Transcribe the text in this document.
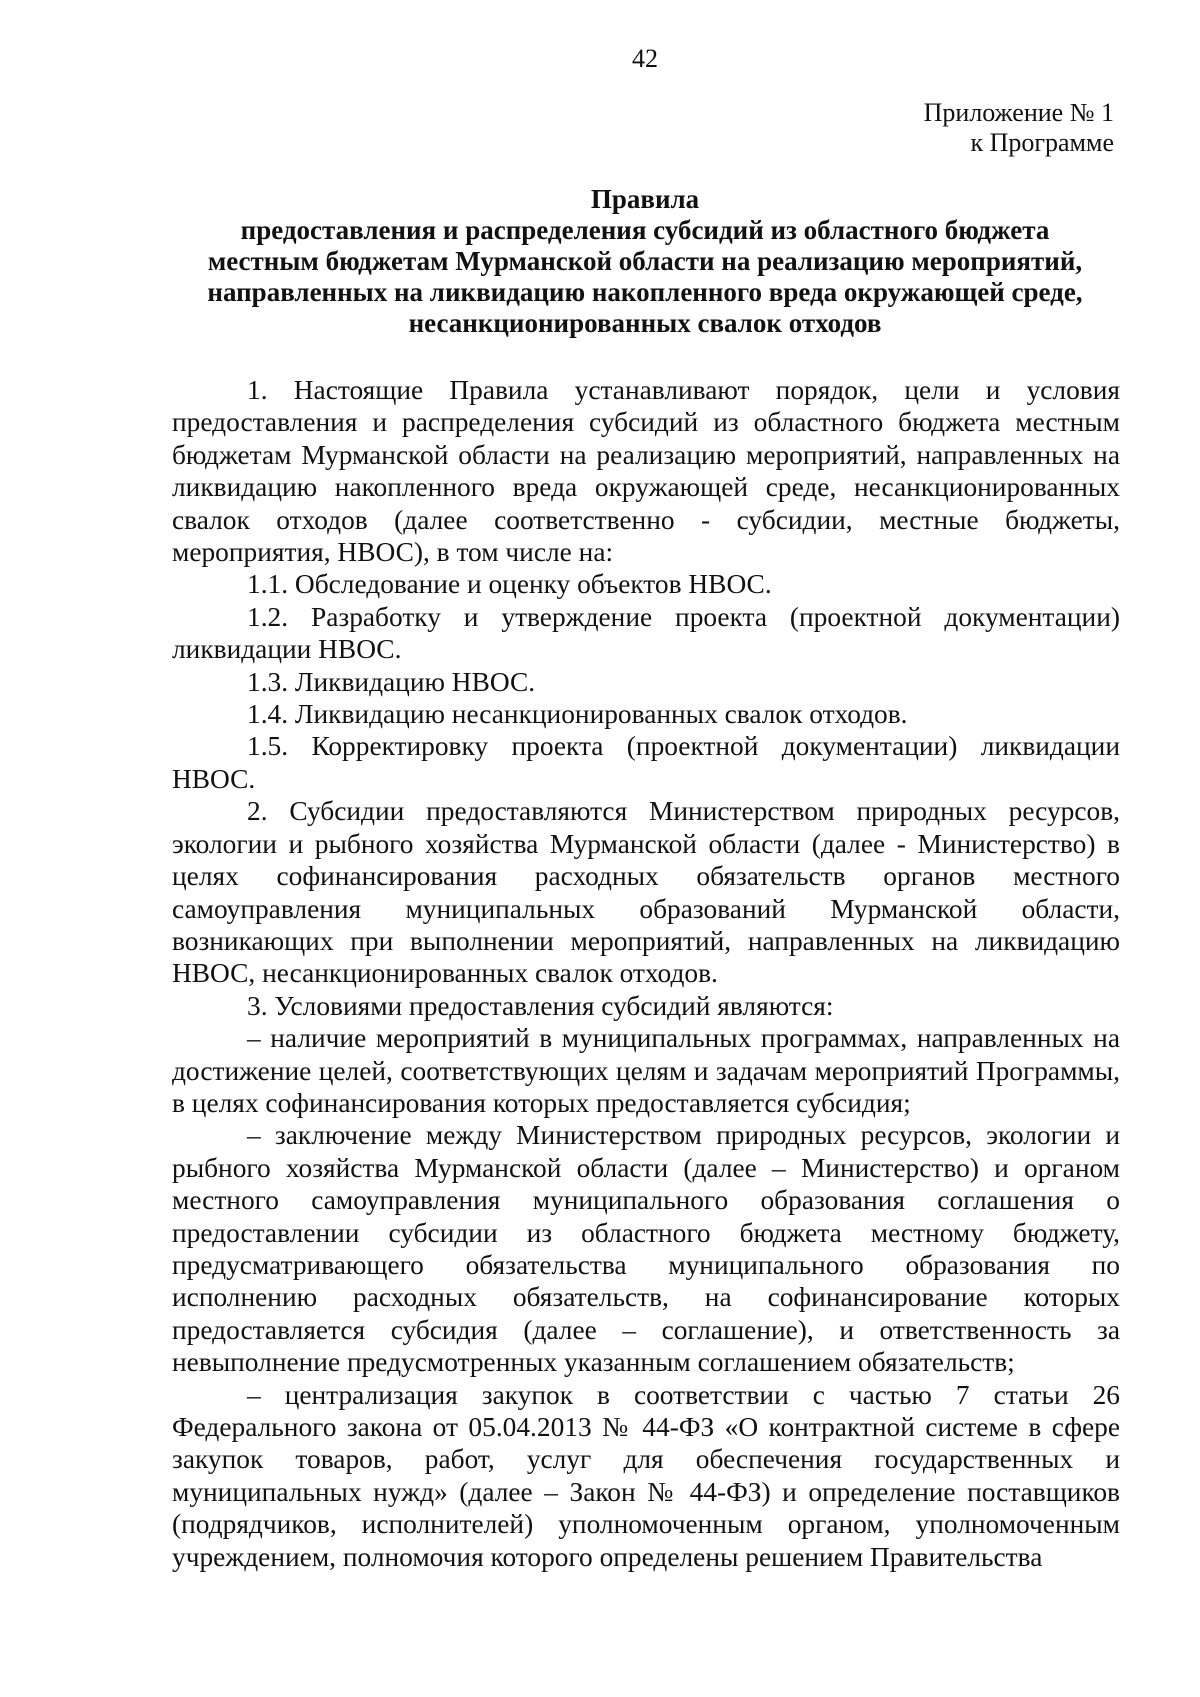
42
Приложение № 1
к Программе
Правила
предоставления и распределения субсидий из областного бюджета
местным бюджетам Мурманской области на реализацию мероприятий,
направленных на ликвидацию накопленного вреда окружающей среде,
несанкционированных свалок отходов

1. Настоящие Правила устанавливают порядок, цели и условия предоставления и распределения субсидий из областного бюджета местным бюджетам Мурманской области на реализацию мероприятий, направленных на ликвидацию накопленного вреда окружающей среде, несанкционированных свалок отходов (далее соответственно - субсидии, местные бюджеты, мероприятия, НВОС), в том числе на:

1.1. Обследование и оценку объектов НВОС.

1.2. Разработку и утверждение проекта (проектной документации) ликвидации НВОС.

1.3. Ликвидацию НВОС.

1.4. Ликвидацию несанкционированных свалок отходов.

1.5. Корректировку проекта (проектной документации) ликвидации НВОС.

2. Субсидии предоставляются Министерством природных ресурсов, экологии и рыбного хозяйства Мурманской области (далее - Министерство) в целях софинансирования расходных обязательств органов местного самоуправления муниципальных образований Мурманской области, возникающих при выполнении мероприятий, направленных на ликвидацию НВОС, несанкционированных свалок отходов.

3. Условиями предоставления субсидий являются:

– наличие мероприятий в муниципальных программах, направленных на достижение целей, соответствующих целям и задачам мероприятий Программы, в целях софинансирования которых предоставляется субсидия;

– заключение между Министерством природных ресурсов, экологии и рыбного хозяйства Мурманской области (далее – Министерство) и органом местного самоуправления муниципального образования соглашения о предоставлении субсидии из областного бюджета местному бюджету, предусматривающего обязательства муниципального образования по исполнению расходных обязательств, на софинансирование которых предоставляется субсидия (далее – соглашение), и ответственность за невыполнение предусмотренных указанным соглашением обязательств;

– централизация закупок в соответствии с частью 7 статьи 26 Федерального закона от 05.04.2013 № 44-ФЗ «О контрактной системе в сфере закупок товаров, работ, услуг для обеспечения государственных и муниципальных нужд» (далее – Закон № 44-ФЗ) и определение поставщиков (подрядчиков, исполнителей) уполномоченным органом, уполномоченным учреждением, полномочия которого определены решением Правительства
